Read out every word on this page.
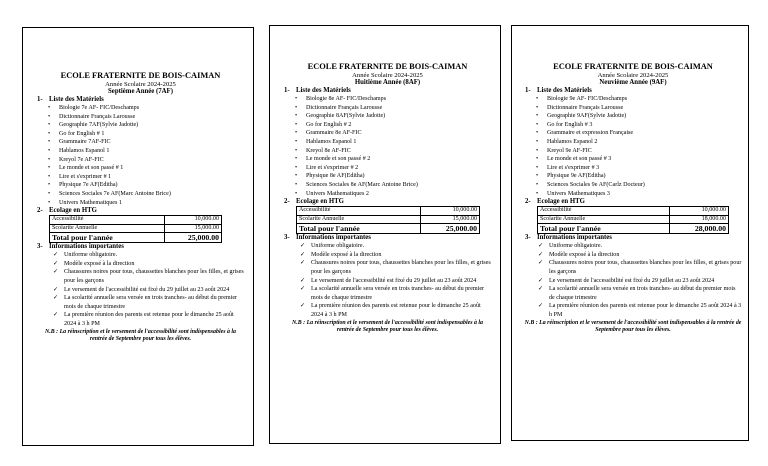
ECOLE FRATERNITE DE BOIS-CAIMAN
Année Scolaire 2024-2025
Septième Année (7AF)
1- Liste des Matériels
•
Biologie 7e AF- FIC/Deschamps
•
Dictionnaire Français Larousse
•
Geographie 7AF(Sylvie Jadotte)
•
Go for English # 1
•
Grammaire 7AF-FIC
•
Hablamos Espanol 1
•
Kreyol 7e AF-FIC
•
Le monde et son passé # 1
•
Lire et s'exprimer # 1
•
Physique 7e AF(Editha)
•
Sciences Sociales 7e AF(Marc Antoine Brice)
•
Univers Mathematiques 1
2- Ecolage en HTG
Accessibilité	10,000.00
Scolarite Annuelle	15,000.00
Total pour l'année	25,000.00
3- Informations importantes
✓ Uniforme obligatoire.
✓ Modèle exposé à la direction
✓ Chaussures noires pour tous, chaussettes blanches pour les filles, et grises pour les garçons
✓ Le versement de l'accessibilité est fixé du 29 juillet au 23 août 2024
✓ La scolarité annuelle sera versée en trois tranches- au début du premier mois de chaque trimestre
✓ La première réunion des parents est retenue pour le dimanche 25 août 2024 à 3 h PM
N.B : La réinscription et le versement de l'accessibilité sont indispensables à la rentrée de Septembre pour tous les élèves.
ECOLE FRATERNITE DE BOIS-CAIMAN
Année Scolaire 2024-2025
Huitième Année (8AF)
1- Liste des Matériels
•
Biologie 8e AF- FIC/Deschamps
•
Dictionnaire Français Larousse
•
Geographie 8AF(Sylvie Jadotte)
•
Go for English # 2
•
Grammaire 8e AF-FIC
•
Hablamos Espanol 1
•
Kreyol 8e AF-FIC
•
Le monde et son passé # 2
•
Lire et s'exprimer # 2
•
Physique 8e AF(Editha)
•
Sciences Sociales 8e AF(Marc Antoine Brice)
•
Univers Mathematiques 2
2- Ecolage en HTG
Accessibilité	10,000.00
Scolarite Annuelle	15,000.00
Total pour l'année	25,000.00
3- Informations importantes
✓ Uniforme obligatoire.
✓ Modèle exposé à la direction
✓ Chaussures noires pour tous, chaussettes blanches pour les filles, et grises pour les garçons
✓ Le versement de l'accessibilité est fixé du 29 juillet au 23 août 2024
✓ La scolarité annuelle sera versée en trois tranches- au début du premier mois de chaque trimestre
✓ La première réunion des parents est retenue pour le dimanche 25 août 2024 à 3 h PM
N.B : La réinscription et le versement de l'accessibilité sont indispensables à la rentrée de Septembre pour tous les élèves.
ECOLE FRATERNITE DE BOIS-CAIMAN
Année Scolaire 2024-2025
Neuvième Année (9AF)
1- Liste des Matériels
•
Biologie 9e AF- FIC/Deschamps
•
Dictionnaire Français Larousse
•
Geographie 9AF(Sylvie Jadotte)
•
Go for English # 3
•
Grammaire et expression Française
•
Hablamos Espanol 2
•
Kreyol 9e AF-FIC
•
Le monde et son passé # 3
•
Lire et s'exprimer # 3
•
Physique 9e AF(Editha)
•
Sciences Sociales 9e AF(Carlz Docteur)
•
Univers Mathematiques 3
2- Ecolage en HTG
Accessibilité	10,000.00
Scolarite Annuelle	18,000.00
Total pour l'année	28,000.00
3- Informations importantes
✓ Uniforme obligatoire.
✓ Modèle exposé à la direction
✓ Chaussures noires pour tous, chaussettes blanches pour les filles, et grises pour les garçons
✓ Le versement de l'accessibilité est fixé du 29 juillet au 23 août 2024
✓ La scolarité annuelle sera versée en trois tranches- au début du premier mois de chaque trimestre
✓ La première réunion des parents est retenue pour le dimanche 25 août 2024 à 3 h PM
N.B : La réinscription et le versement de l'accessibilité sont indispensables à la rentrée de Septembre pour tous les élèves.
